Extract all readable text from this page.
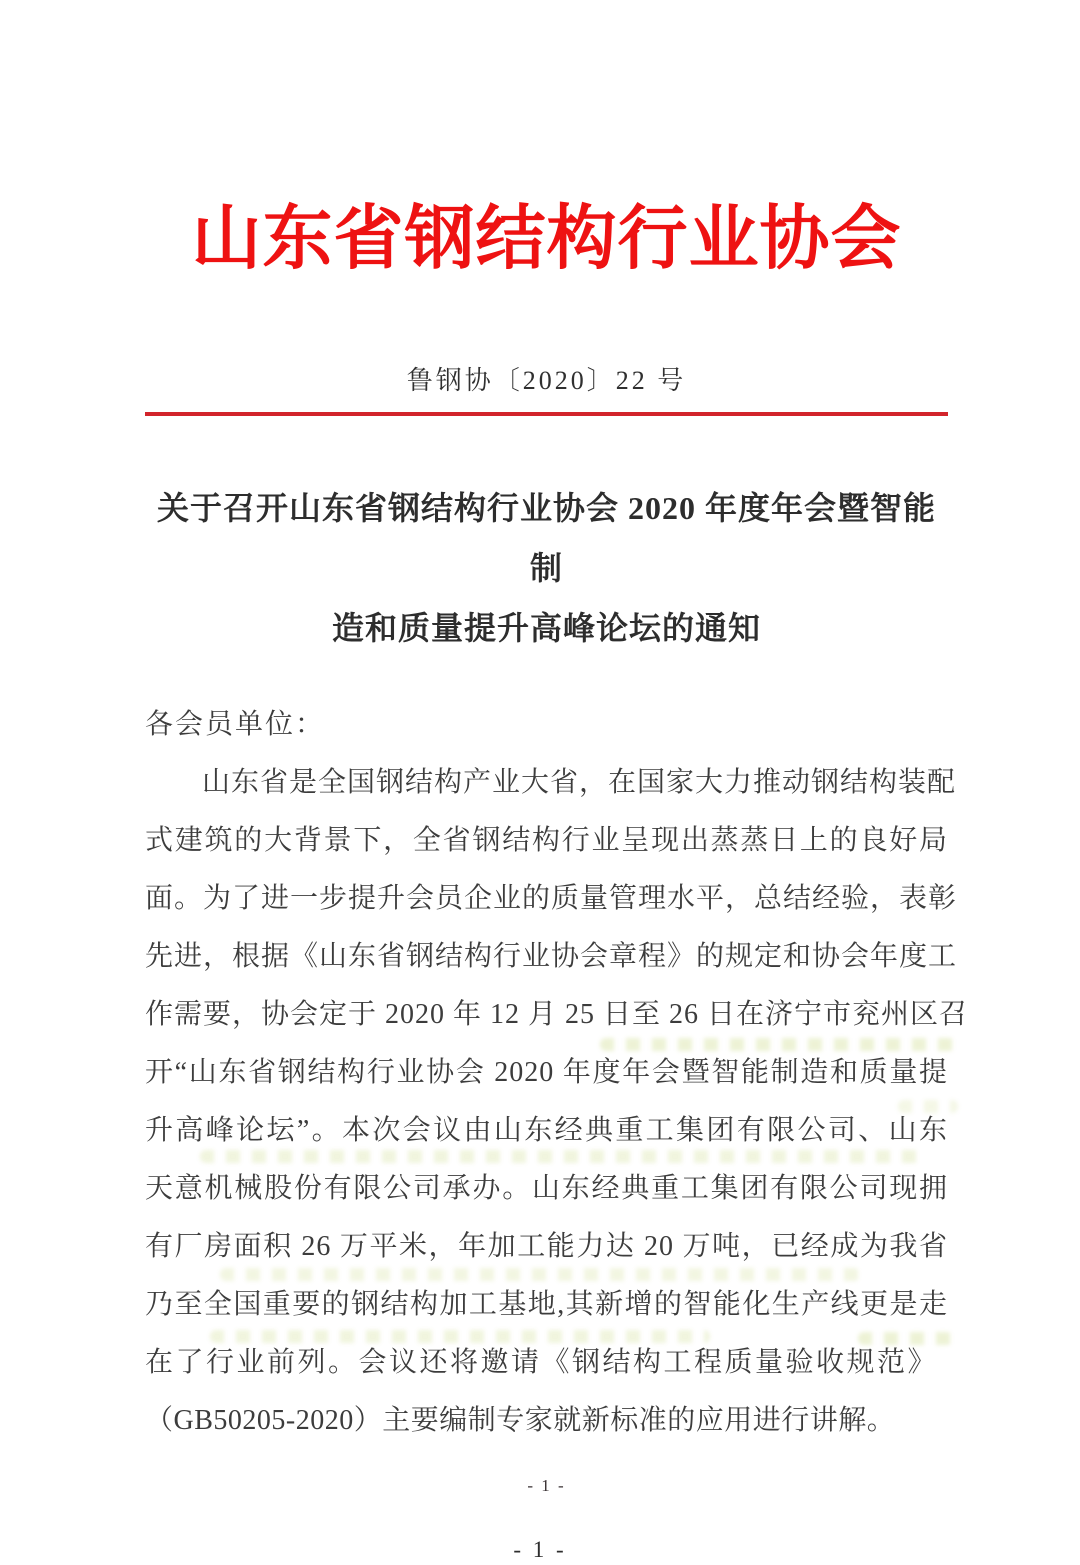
山东省钢结构行业协会
鲁钢协〔2020〕22 号
关于召开山东省钢结构行业协会 2020 年度年会暨智能制
造和质量提升高峰论坛的通知
各会员单位：
山东省是全国钢结构产业大省，在国家大力推动钢结构装配
式建筑的大背景下，全省钢结构行业呈现出蒸蒸日上的良好局
面。为了进一步提升会员企业的质量管理水平，总结经验，表彰
先进，根据《山东省钢结构行业协会章程》的规定和协会年度工
作需要，协会定于 2020 年 12 月 25 日至 26 日在济宁市兖州区召
开“山东省钢结构行业协会 2020 年度年会暨智能制造和质量提
升高峰论坛”。本次会议由山东经典重工集团有限公司、山东
天意机械股份有限公司承办。山东经典重工集团有限公司现拥
有厂房面积 26 万平米，年加工能力达 20 万吨，已经成为我省
乃至全国重要的钢结构加工基地,其新增的智能化生产线更是走
在了行业前列。会议还将邀请《钢结构工程质量验收规范》
（GB50205-2020）主要编制专家就新标准的应用进行讲解。
- 1 -
- 1 -
